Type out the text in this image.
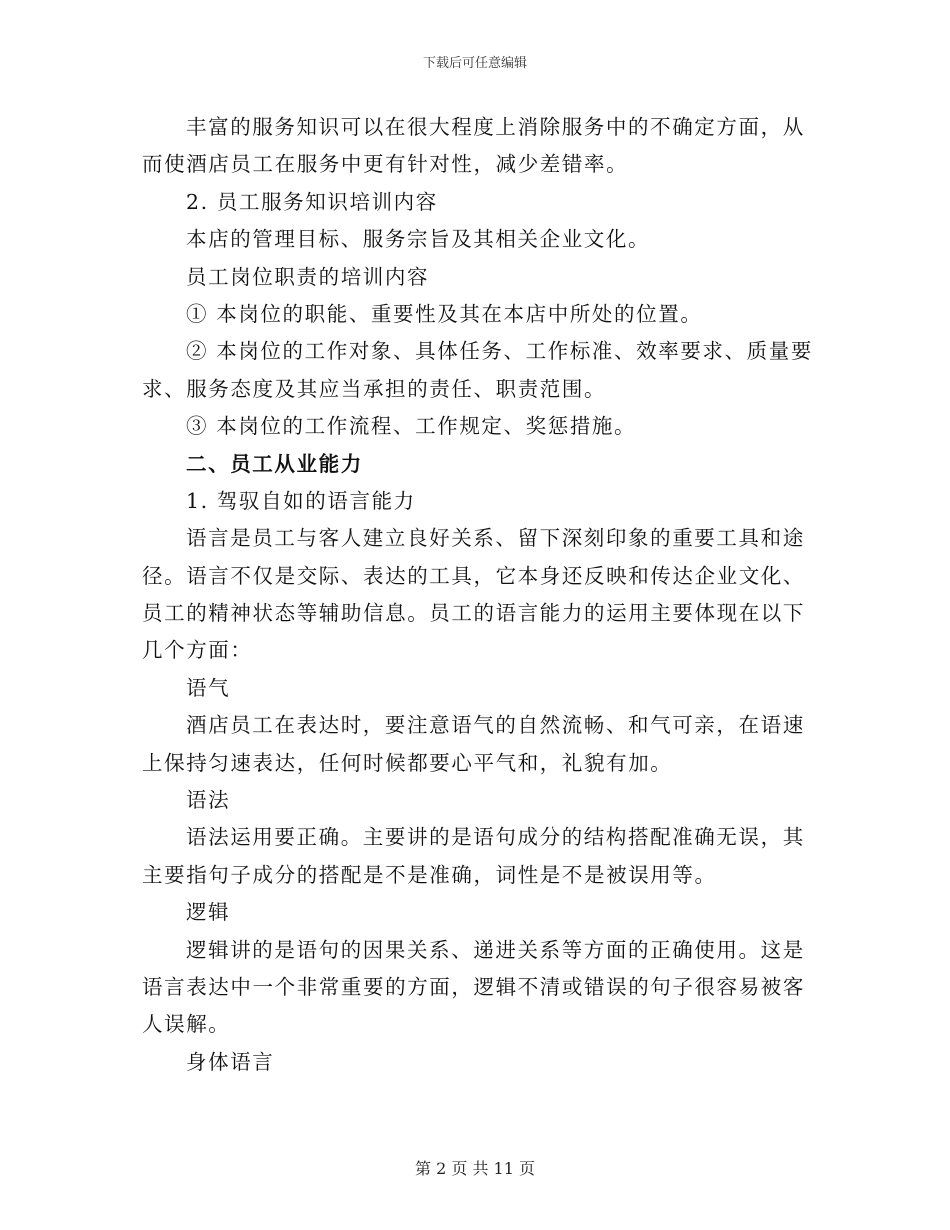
下载后可任意编辑
丰富的服务知识可以在很大程度上消除服务中的不确定方面，从
而使酒店员工在服务中更有针对性，减少差错率。
2. 员工服务知识培训内容
本店的管理目标、服务宗旨及其相关企业文化。
员工岗位职责的培训内容
① 本岗位的职能、重要性及其在本店中所处的位置。
② 本岗位的工作对象、具体任务、工作标准、效率要求、质量要
求、服务态度及其应当承担的责任、职责范围。
③ 本岗位的工作流程、工作规定、奖惩措施。
二、员工从业能力
1. 驾驭自如的语言能力
语言是员工与客人建立良好关系、留下深刻印象的重要工具和途
径。语言不仅是交际、表达的工具，它本身还反映和传达企业文化、
员工的精神状态等辅助信息。员工的语言能力的运用主要体现在以下
几个方面：
语气
酒店员工在表达时，要注意语气的自然流畅、和气可亲，在语速
上保持匀速表达，任何时候都要心平气和，礼貌有加。
语法
语法运用要正确。主要讲的是语句成分的结构搭配准确无误，其
主要指句子成分的搭配是不是准确，词性是不是被误用等。
逻辑
逻辑讲的是语句的因果关系、递进关系等方面的正确使用。这是
语言表达中一个非常重要的方面，逻辑不清或错误的句子很容易被客
人误解。
身体语言
第 2 页 共 11 页
